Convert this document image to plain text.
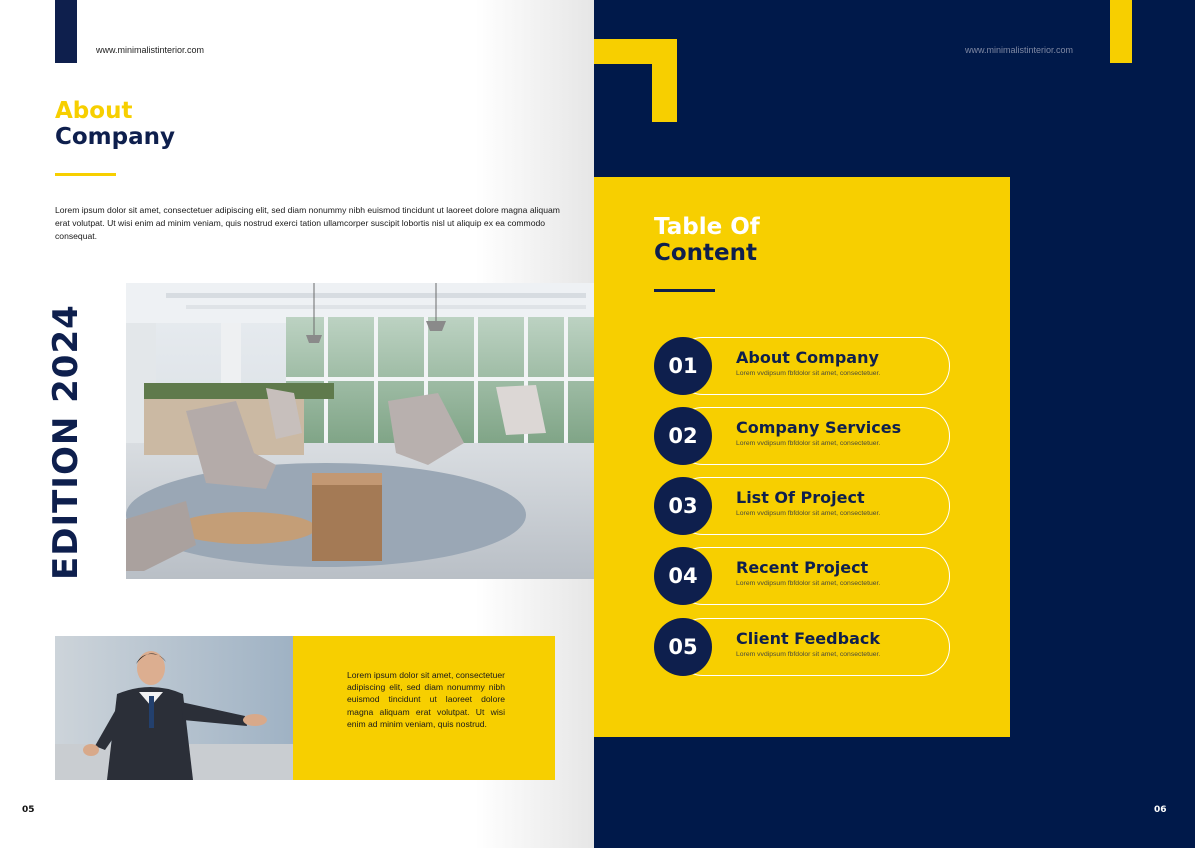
www.minimalistinterior.com
About
Company
Lorem ipsum dolor sit amet, consectetuer adipiscing elit, sed diam nonummy nibh euismod tincidunt ut laoreet dolore magna aliquam erat volutpat. Ut wisi enim ad minim veniam, quis nostrud exerci tation ullamcorper suscipit lobortis nisl ut aliquip ex ea commodo consequat.
EDITION 2024
Lorem ipsum dolor sit amet, consectetuer adipiscing elit, sed diam nonummy nibh euismod tincidunt ut laoreet dolore magna aliquam erat volutpat. Ut wisi enim ad minim veniam, quis nostrud.
05
www.minimalistinterior.com
Table Of
Content
01	About Company
Lorem vvdipsum fbfdolor sit amet, consectetuer.
02	Company Services
Lorem vvdipsum fbfdolor sit amet, consectetuer.
03	List Of Project
Lorem vvdipsum fbfdolor sit amet, consectetuer.
04	Recent Project
Lorem vvdipsum fbfdolor sit amet, consectetuer.
05	Client Feedback
Lorem vvdipsum fbfdolor sit amet, consectetuer.
06
